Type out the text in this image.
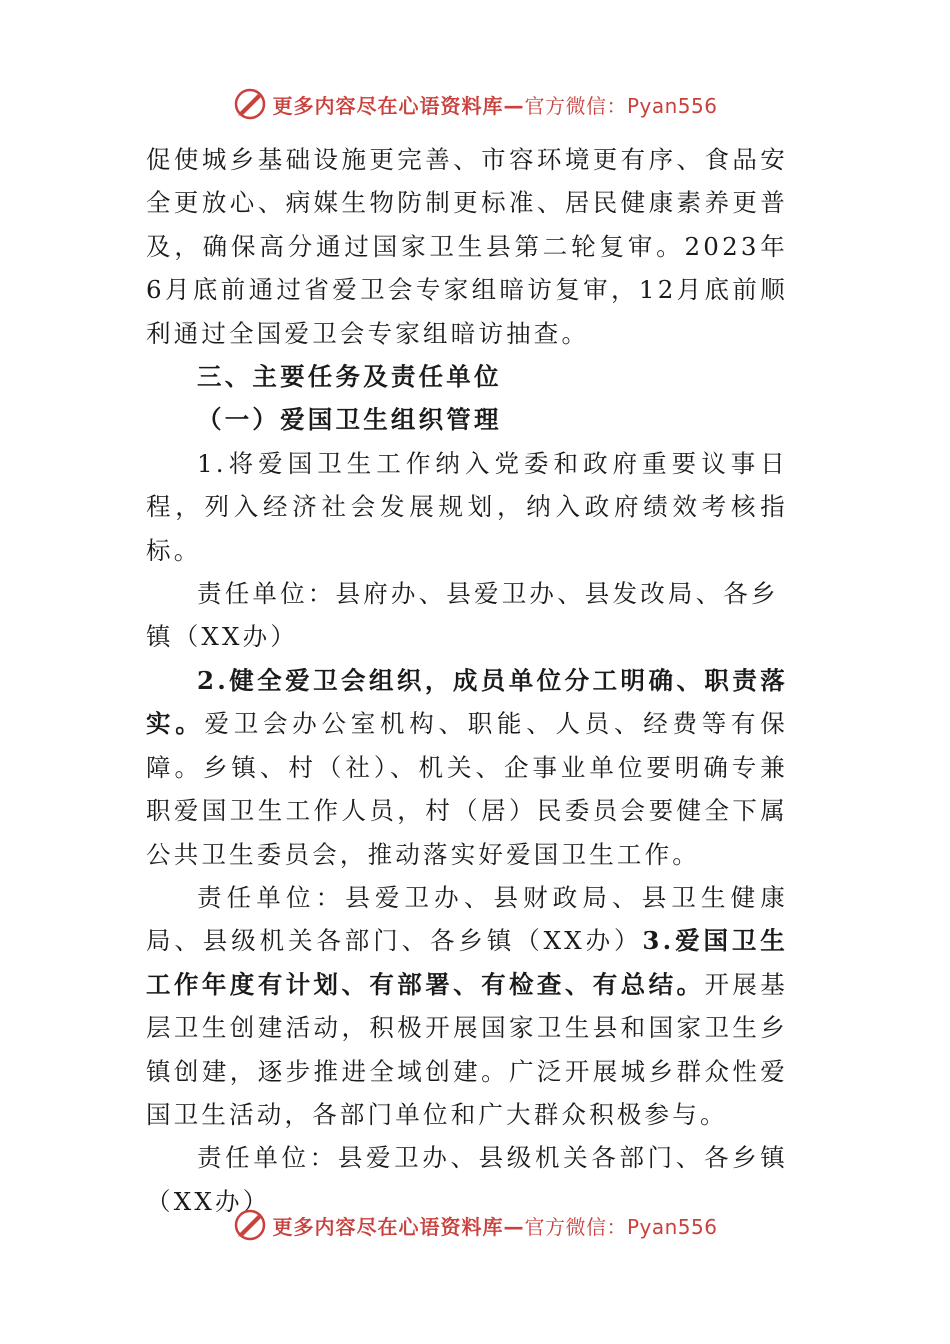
更多内容尽在心语资料库—官方微信：Pyan556

促使城乡基础设施更完善、市容环境更有序、食品安全更放心、病媒生物防制更标准、居民健康素养更普及，确保高分通过国家卫生县第二轮复审。2023年6月底前通过省爱卫会专家组暗访复审，12月底前顺利通过全国爱卫会专家组暗访抽查。

三、主要任务及责任单位

（一）爱国卫生组织管理

1.将爱国卫生工作纳入党委和政府重要议事日程，列入经济社会发展规划，纳入政府绩效考核指标。

责任单位：县府办、县爱卫办、县发改局、各乡镇（XX办）

2.健全爱卫会组织，成员单位分工明确、职责落实。爱卫会办公室机构、职能、人员、经费等有保障。乡镇、村（社）、机关、企事业单位要明确专兼职爱国卫生工作人员，村（居）民委员会要健全下属公共卫生委员会，推动落实好爱国卫生工作。

责任单位：县爱卫办、县财政局、县卫生健康局、县级机关各部门、各乡镇（XX办）3.爱国卫生工作年度有计划、有部署、有检查、有总结。开展基层卫生创建活动，积极开展国家卫生县和国家卫生乡镇创建，逐步推进全域创建。广泛开展城乡群众性爱国卫生活动，各部门单位和广大群众积极参与。

责任单位：县爱卫办、县级机关各部门、各乡镇（XX办）

更多内容尽在心语资料库—官方微信：Pyan556
